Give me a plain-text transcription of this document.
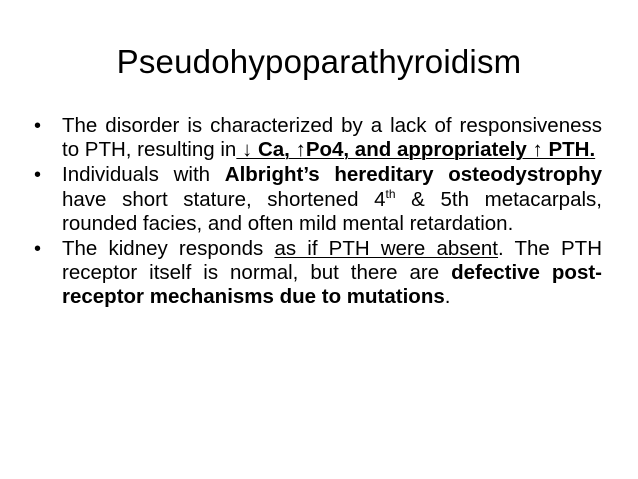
Pseudohypoparathyroidism
• The disorder is characterized by a lack of responsiveness to PTH, resulting in ↓ Ca, ↑Po4, and appropriately ↑ PTH.
• Individuals with Albright’s hereditary osteodystrophy have short stature, shortened 4th & 5th metacarpals, rounded facies, and often mild mental retardation.
• The kidney responds as if PTH were absent. The PTH receptor itself is normal, but there are defective post-receptor mechanisms due to mutations.
